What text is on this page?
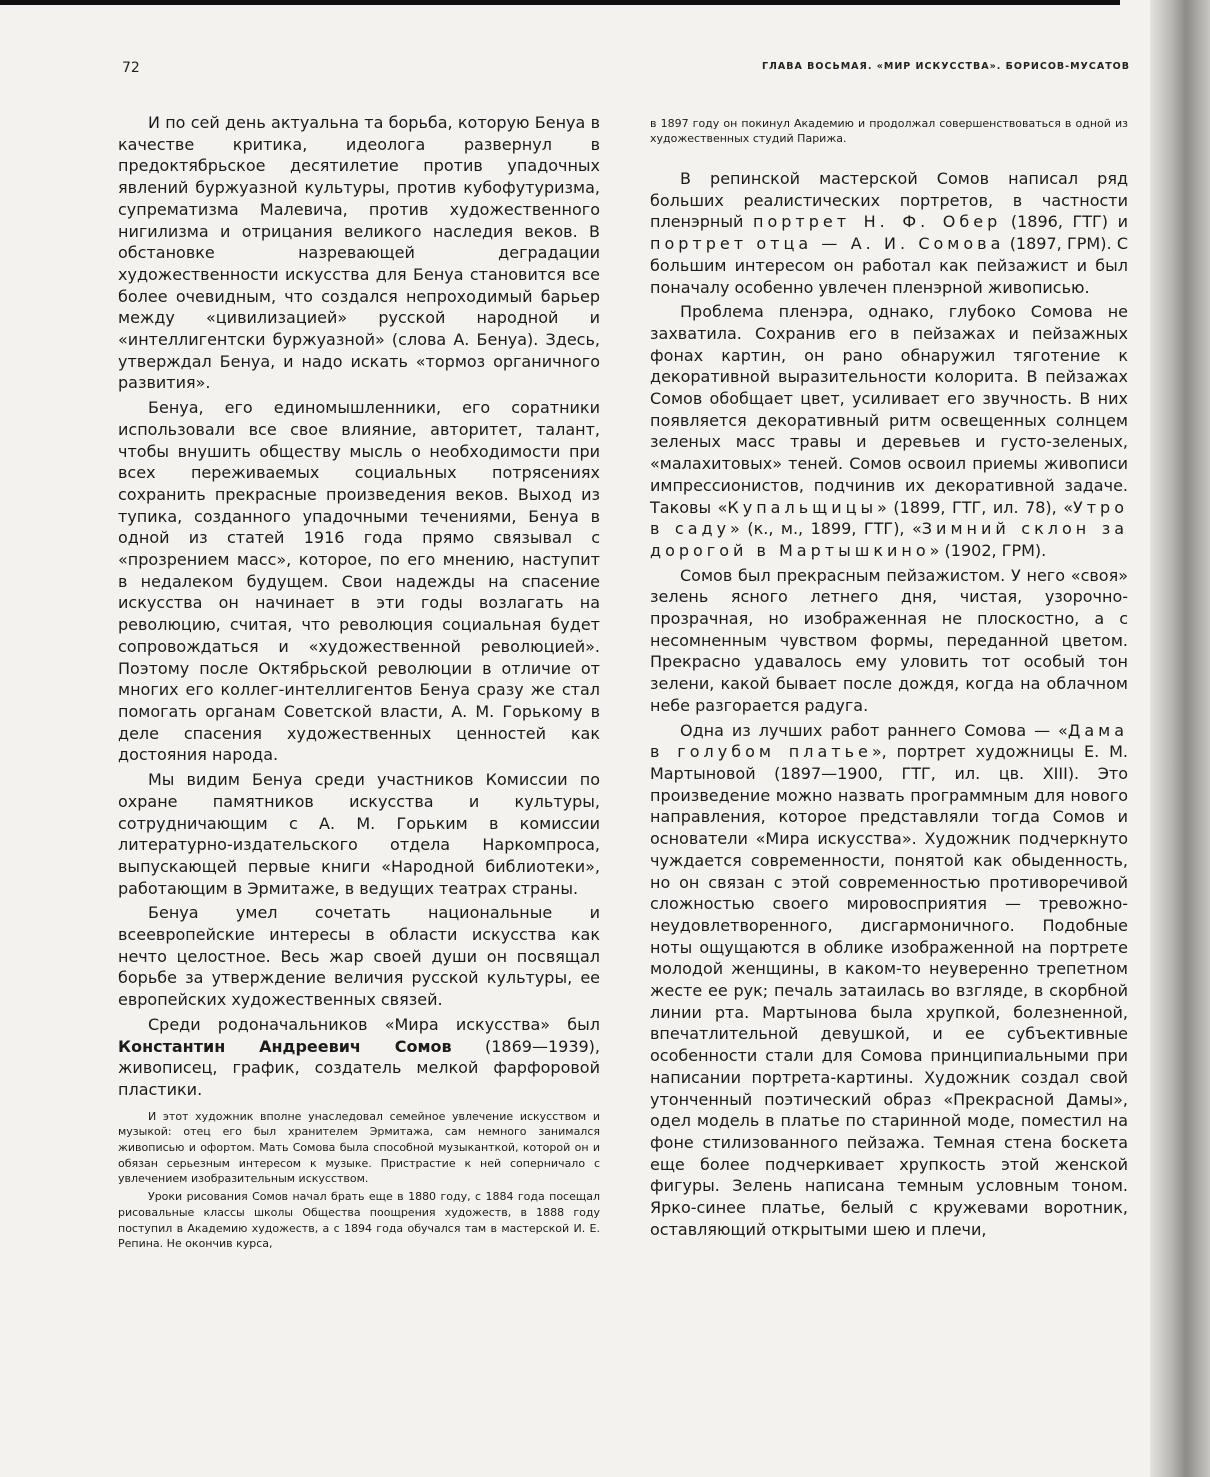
72	ГЛАВА ВОСЬМАЯ. «МИР ИСКУССТВА». БОРИСОВ-МУСАТОВ

И по сей день актуальна та борьба, которую Бенуа в качестве критика, идеолога развернул в предоктябрьское десятилетие против упадочных явлений буржуазной культуры, против кубофутуризма, супрематизма Малевича, против художественного нигилизма и отрицания великого наследия веков. В обстановке назревающей деградации художественности искусства для Бенуа становится все более очевидным, что создался непроходимый барьер между «цивилизацией» русской народной и «интеллигентски буржуазной» (слова А. Бенуа). Здесь, утверждал Бенуа, и надо искать «тормоз органичного развития».

Бенуа, его единомышленники, его соратники использовали все свое влияние, авторитет, талант, чтобы внушить обществу мысль о необходимости при всех переживаемых социальных потрясениях сохранить прекрасные произведения веков. Выход из тупика, созданного упадочными течениями, Бенуа в одной из статей 1916 года прямо связывал с «прозрением масс», которое, по его мнению, наступит в недалеком будущем. Свои надежды на спасение искусства он начинает в эти годы возлагать на революцию, считая, что революция социальная будет сопровождаться и «художественной революцией». Поэтому после Октябрьской революции в отличие от многих его коллег-интеллигентов Бенуа сразу же стал помогать органам Советской власти, А. М. Горькому в деле спасения художественных ценностей как достояния народа.

Мы видим Бенуа среди участников Комиссии по охране памятников искусства и культуры, сотрудничающим с А. М. Горьким в комиссии литературно-издательского отдела Наркомпроса, выпускающей первые книги «Народной библиотеки», работающим в Эрмитаже, в ведущих театрах страны.

Бенуа умел сочетать национальные и всеевропейские интересы в области искусства как нечто целостное. Весь жар своей души он посвящал борьбе за утверждение величия русской культуры, ее европейских художественных связей.

Среди родоначальников «Мира искусства» был Константин Андреевич Сомов (1869—1939), живописец, график, создатель мелкой фарфоровой пластики.

И этот художник вполне унаследовал семейное увлечение искусством и музыкой: отец его был хранителем Эрмитажа, сам немного занимался живописью и офортом. Мать Сомова была способной музыканткой, которой он и обязан серьезным интересом к музыке. Пристрастие к ней соперничало с увлечением изобразительным искусством.

Уроки рисования Сомов начал брать еще в 1880 году, с 1884 года посещал рисовальные классы школы Общества поощрения художеств, в 1888 году поступил в Академию художеств, а с 1894 года обучался там в мастерской И. Е. Репина. Не окончив курса,

в 1897 году он покинул Академию и продолжал совершенствоваться в одной из художественных студий Парижа.

В репинской мастерской Сомов написал ряд больших реалистических портретов, в частности пленэрный портрет Н. Ф. Обер (1896, ГТГ) и портрет отца — А. И. Сомова (1897, ГРМ). С большим интересом он работал как пейзажист и был поначалу особенно увлечен пленэрной живописью.

Проблема пленэра, однако, глубоко Сомова не захватила. Сохранив его в пейзажах и пейзажных фонах картин, он рано обнаружил тяготение к декоративной выразительности колорита. В пейзажах Сомов обобщает цвет, усиливает его звучность. В них появляется декоративный ритм освещенных солнцем зеленых масс травы и деревьев и густо-зеленых, «малахитовых» теней. Сомов освоил приемы живописи импрессионистов, подчинив их декоративной задаче. Таковы «Купальщицы» (1899, ГТГ, ил. 78), «Утро в саду» (к., м., 1899, ГТГ), «Зимний склон за дорогой в Мартышкино» (1902, ГРМ).

Сомов был прекрасным пейзажистом. У него «своя» зелень ясного летнего дня, чистая, узорочно-прозрачная, но изображенная не плоскостно, а с несомненным чувством формы, переданной цветом. Прекрасно удавалось ему уловить тот особый тон зелени, какой бывает после дождя, когда на облачном небе разгорается радуга.

Одна из лучших работ раннего Сомова — «Дама в голубом платье», портрет художницы Е. М. Мартыновой (1897—1900, ГТГ, ил. цв. XIII). Это произведение можно назвать программным для нового направления, которое представляли тогда Сомов и основатели «Мира искусства». Художник подчеркнуто чуждается современности, понятой как обыденность, но он связан с этой современностью противоречивой сложностью своего мировосприятия — тревожно-неудовлетворенного, дисгармоничного. Подобные ноты ощущаются в облике изображенной на портрете молодой женщины, в каком-то неуверенно трепетном жесте ее рук; печаль затаилась во взгляде, в скорбной линии рта. Мартынова была хрупкой, болезненной, впечатлительной девушкой, и ее субъективные особенности стали для Сомова принципиальными при написании портрета-картины. Художник создал свой утонченный поэтический образ «Прекрасной Дамы», одел модель в платье по старинной моде, поместил на фоне стилизованного пейзажа. Темная стена боскета еще более подчеркивает хрупкость этой женской фигуры. Зелень написана темным условным тоном. Ярко-синее платье, белый с кружевами воротник, оставляющий открытыми шею и плечи,
